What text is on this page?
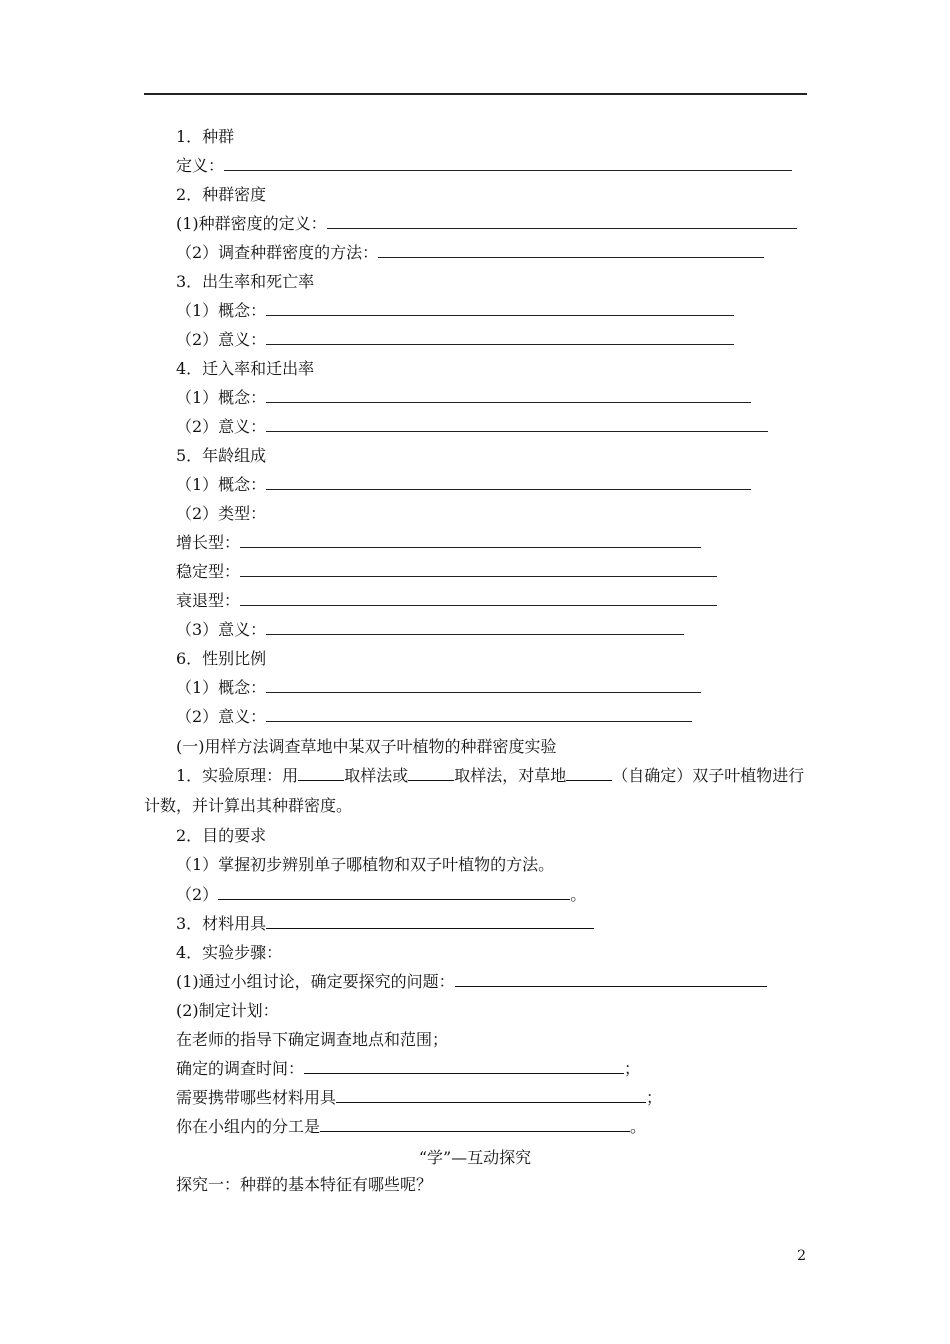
1．种群
定义：
2．种群密度
(1)种群密度的定义：
（2）调查种群密度的方法：
3．出生率和死亡率
（1）概念：
（2）意义：
4．迁入率和迁出率
（1）概念：
（2）意义：
5．年龄组成
（1）概念：
（2）类型：
增长型：
稳定型：
衰退型：
（3）意义：
6．性别比例
（1）概念：
（2）意义：
(一)用样方法调查草地中某双子叶植物的种群密度实验
1．实验原理：用	取样法或	取样法，对草地	（自确定）双子叶植物进行
计数，并计算出其种群密度。
2．目的要求
（1）掌握初步辨别单子哪植物和双子叶植物的方法。
（2）	。
3．材料用具
4．实验步骤：
(1)通过小组讨论，确定要探究的问题：
(2)制定计划：
在老师的指导下确定调查地点和范围；
确定的调查时间：	；
需要携带哪些材料用具	；
你在小组内的分工是	。
“学”—互动探究
探究一：种群的基本特征有哪些呢？
2
